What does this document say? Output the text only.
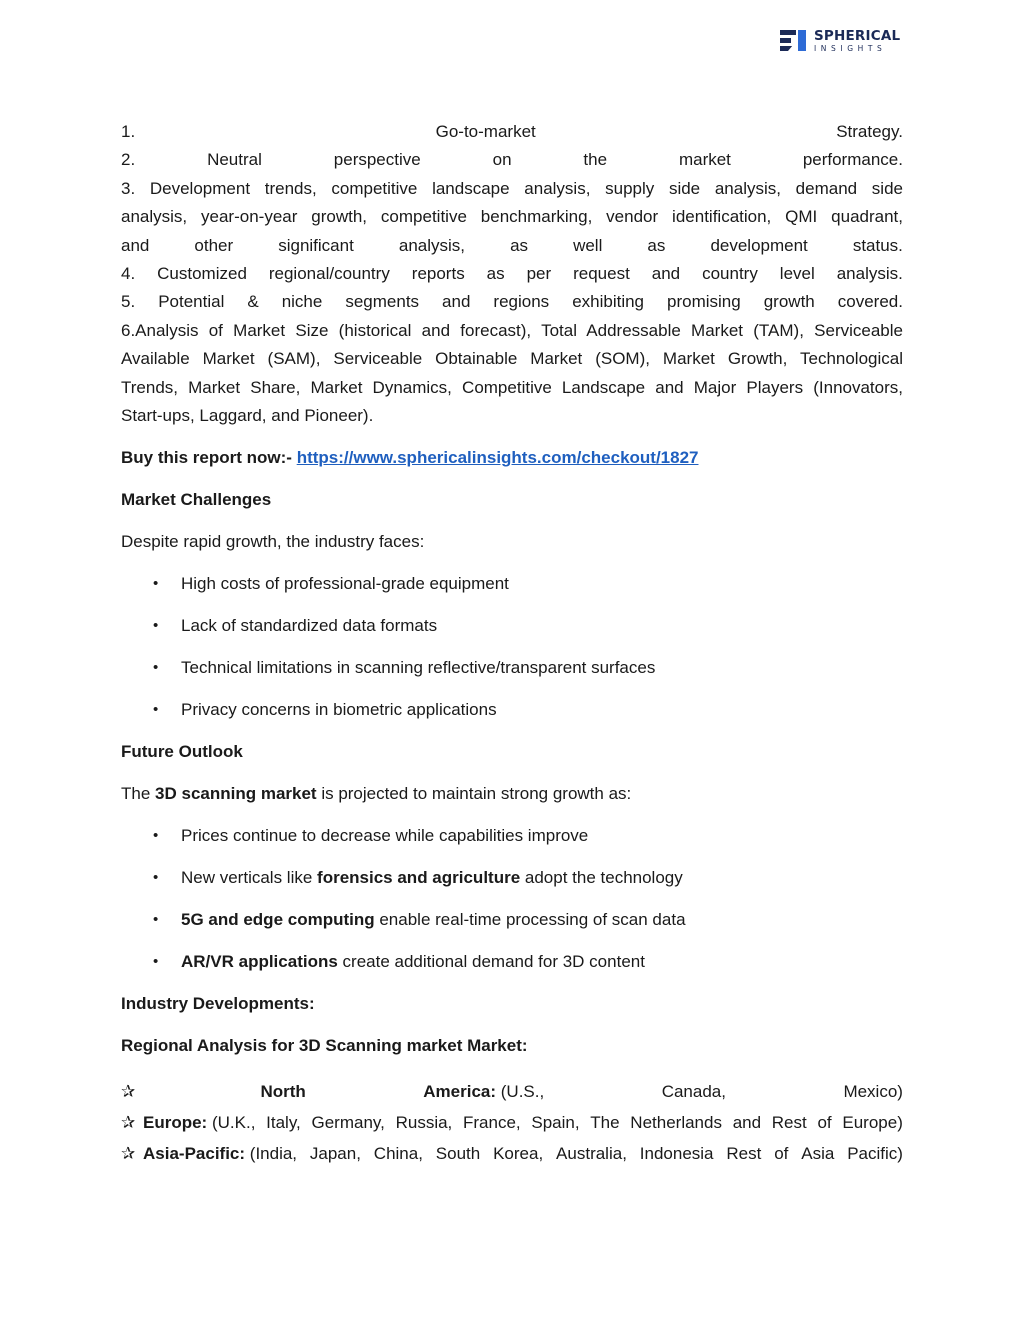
SPHERICAL
INSIGHTS
1.	Go-to-market	Strategy.
2.	Neutral	perspective	on	the	market	performance.
3. Development trends, competitive landscape analysis, supply side analysis, demand side
analysis, year-on-year growth, competitive benchmarking, vendor identification, QMI quadrant,
and	other	significant	analysis,	as	well	as	development	status.
4. Customized regional/country reports as per request and country level analysis.
5. Potential & niche segments and regions exhibiting promising growth covered.
6.Analysis of Market Size (historical and forecast), Total Addressable Market (TAM), Serviceable
Available Market (SAM), Serviceable Obtainable Market (SOM), Market Growth, Technological
Trends, Market Share, Market Dynamics, Competitive Landscape and Major Players (Innovators,
Start-ups, Laggard, and Pioneer).
Buy this report now:- https://www.sphericalinsights.com/checkout/1827
Market Challenges
Despite rapid growth, the industry faces:
• High costs of professional-grade equipment
• Lack of standardized data formats
• Technical limitations in scanning reflective/transparent surfaces
• Privacy concerns in biometric applications
Future Outlook
The 3D scanning market is projected to maintain strong growth as:
• Prices continue to decrease while capabilities improve
• New verticals like forensics and agriculture adopt the technology
• 5G and edge computing enable real-time processing of scan data
• AR/VR applications create additional demand for 3D content
Industry Developments:
Regional Analysis for 3D Scanning market Market:
✰	North	America: (U.S.,	Canada,	Mexico)
✰ Europe: (U.K., Italy, Germany, Russia, France, Spain, The Netherlands and Rest of Europe)
✰ Asia-Pacific: (India, Japan, China, South Korea, Australia, Indonesia Rest of Asia Pacific)
